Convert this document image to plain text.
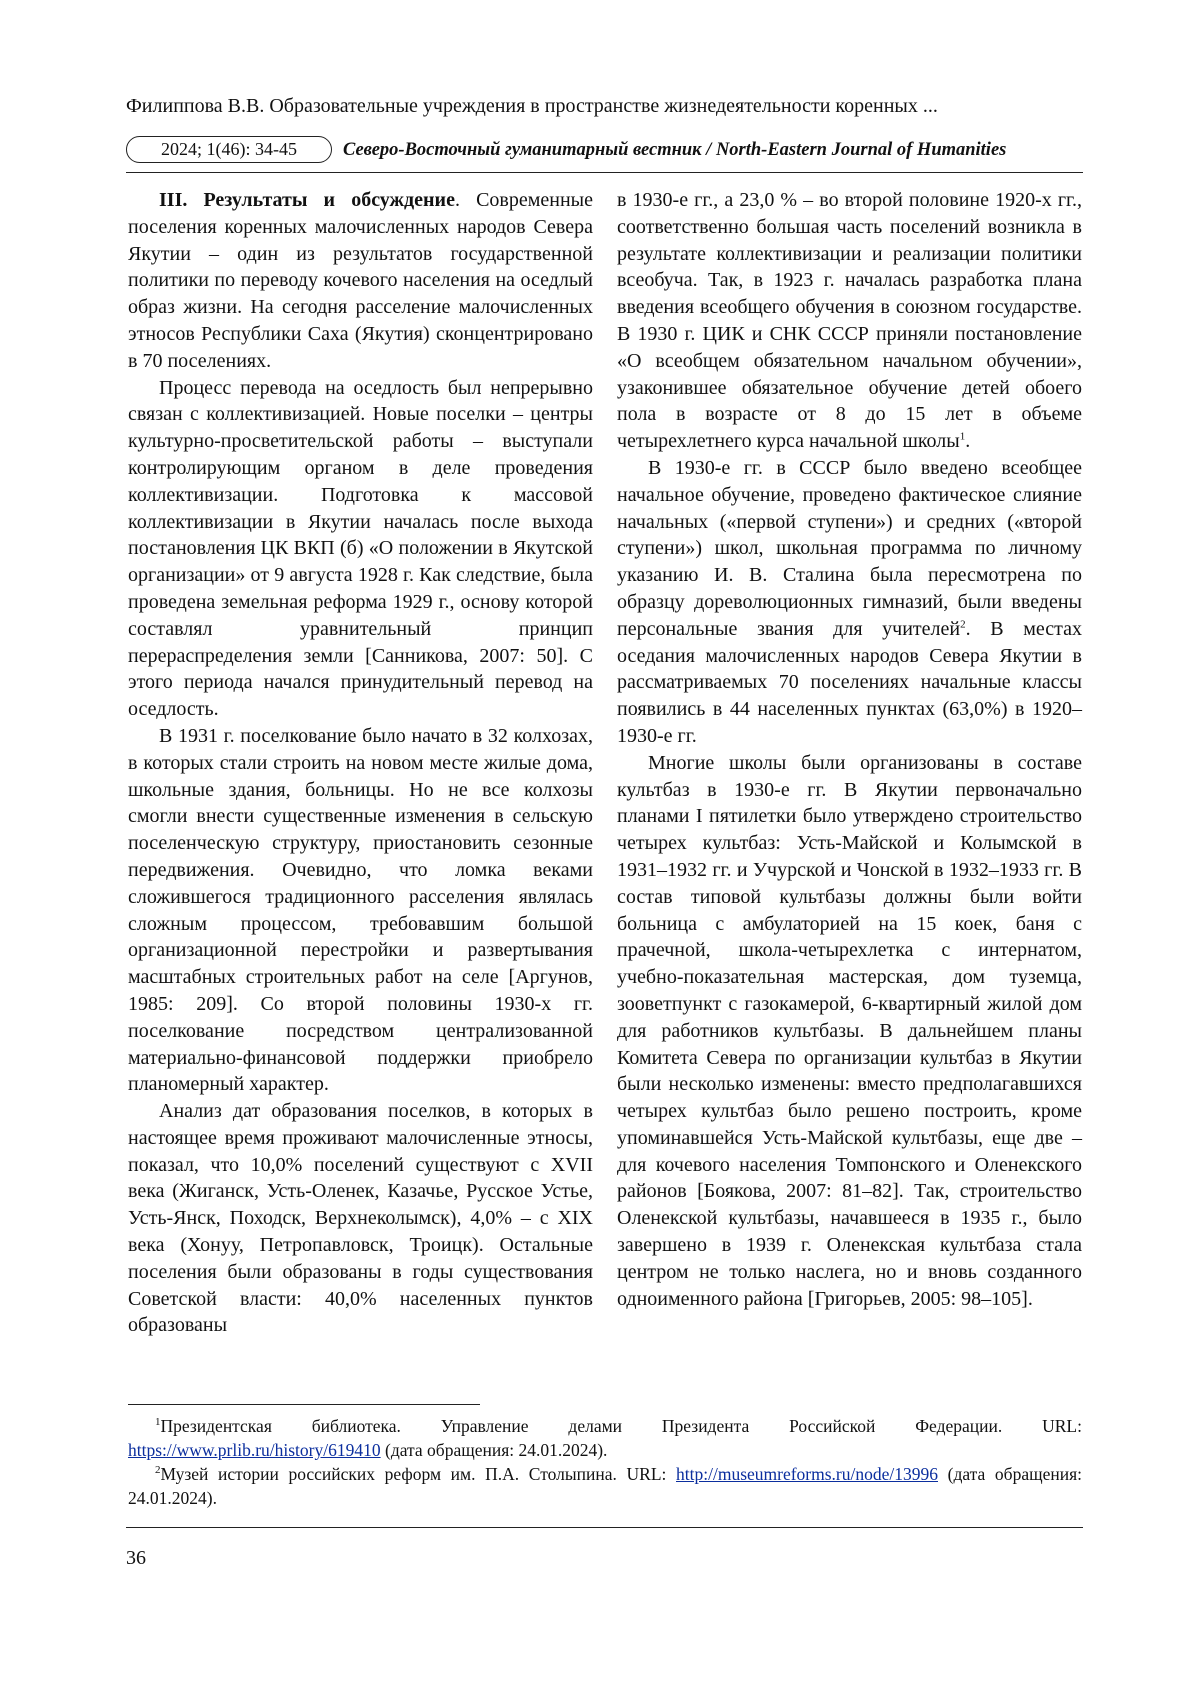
Филиппова В.В. Образовательные учреждения в пространстве жизнедеятельности коренных ...
2024; 1(46): 34-45	Северо-Восточный гуманитарный вестник / North-Eastern Journal of Humanities

III. Результаты и обсуждение. Современные поселения коренных малочисленных народов Севера Якутии – один из результатов государственной политики по переводу кочевого населения на оседлый образ жизни. На сегодня расселение малочисленных этносов Республики Саха (Якутия) сконцентрировано в 70 поселениях.

Процесс перевода на оседлость был непрерывно связан с коллективизацией. Новые поселки – центры культурно-просветительской работы – выступали контролирующим органом в деле проведения коллективизации. Подготовка к массовой коллективизации в Якутии началась после выхода постановления ЦК ВКП (б) «О положении в Якутской организации» от 9 августа 1928 г. Как следствие, была проведена земельная реформа 1929 г., основу которой составлял уравнительный принцип перераспределения земли [Санникова, 2007: 50]. С этого периода начался принудительный перевод на оседлость.

В 1931 г. поселкование было начато в 32 колхозах, в которых стали строить на новом месте жилые дома, школьные здания, больницы. Но не все колхозы смогли внести существенные изменения в сельскую поселенческую структуру, приостановить сезонные передвижения. Очевидно, что ломка веками сложившегося традиционного расселения являлась сложным процессом, требовавшим большой организационной перестройки и развертывания масштабных строительных работ на селе [Аргунов, 1985: 209]. Со второй половины 1930-х гг. поселкование посредством централизованной материально-финансовой поддержки приобрело планомерный характер.

Анализ дат образования поселков, в которых в настоящее время проживают малочисленные этносы, показал, что 10,0% поселений существуют с XVII века (Жиганск, Усть-Оленек, Казачье, Русское Устье, Усть-Янск, Походск, Верхнеколымск), 4,0% – с XIX века (Хонуу, Петропавловск, Троицк). Остальные поселения были образованы в годы существования Советской власти: 40,0% населенных пунктов образованы

в 1930-е гг., а 23,0 % – во второй половине 1920-х гг., соответственно большая часть поселений возникла в результате коллективизации и реализации политики всеобуча. Так, в 1923 г. началась разработка плана введения всеобщего обучения в союзном государстве. В 1930 г. ЦИК и СНК СССР приняли постановление «О всеобщем обязательном начальном обучении», узаконившее обязательное обучение детей обоего пола в возрасте от 8 до 15 лет в объеме четырехлетнего курса начальной школы$^1$.

В 1930-е гг. в СССР было введено всеобщее начальное обучение, проведено фактическое слияние начальных («первой ступени») и средних («второй ступени») школ, школьная программа по личному указанию И. В. Сталина была пересмотрена по образцу дореволюционных гимназий, были введены персональные звания для учителей$^2$. В местах оседания малочисленных народов Севера Якутии в рассматриваемых 70 поселениях начальные классы появились в 44 населенных пунктах (63,0%) в 1920–1930-е гг.

Многие школы были организованы в составе культбаз в 1930-е гг. В Якутии первоначально планами I пятилетки было утверждено строительство четырех культбаз: Усть-Майской и Колымской в 1931–1932 гг. и Учурской и Чонской в 1932–1933 гг. В состав типовой культбазы должны были войти больница с амбулаторией на 15 коек, баня с прачечной, школа-четырехлетка с интернатом, учебно-показательная мастерская, дом туземца, зооветпункт с газокамерой, 6-квартирный жилой дом для работников культбазы. В дальнейшем планы Комитета Севера по организации культбаз в Якутии были несколько изменены: вместо предполагавшихся четырех культбаз было решено построить, кроме упоминавшейся Усть-Майской культбазы, еще две – для кочевого населения Томпонского и Оленекского районов [Боякова, 2007: 81–82]. Так, строительство Оленекской культбазы, начавшееся в 1935 г., было завершено в 1939 г. Оленекская культбаза стала центром не только наслега, но и вновь созданного одноименного района [Григорьев, 2005: 98–105].

$^1$Президентская библиотека. Управление делами Президента Российской Федерации. URL: https://www.prlib.ru/history/619410 (дата обращения: 24.01.2024).

$^2$Музей истории российских реформ им. П.А. Столыпина. URL: http://museumreforms.ru/node/13996 (дата обращения: 24.01.2024).

36
